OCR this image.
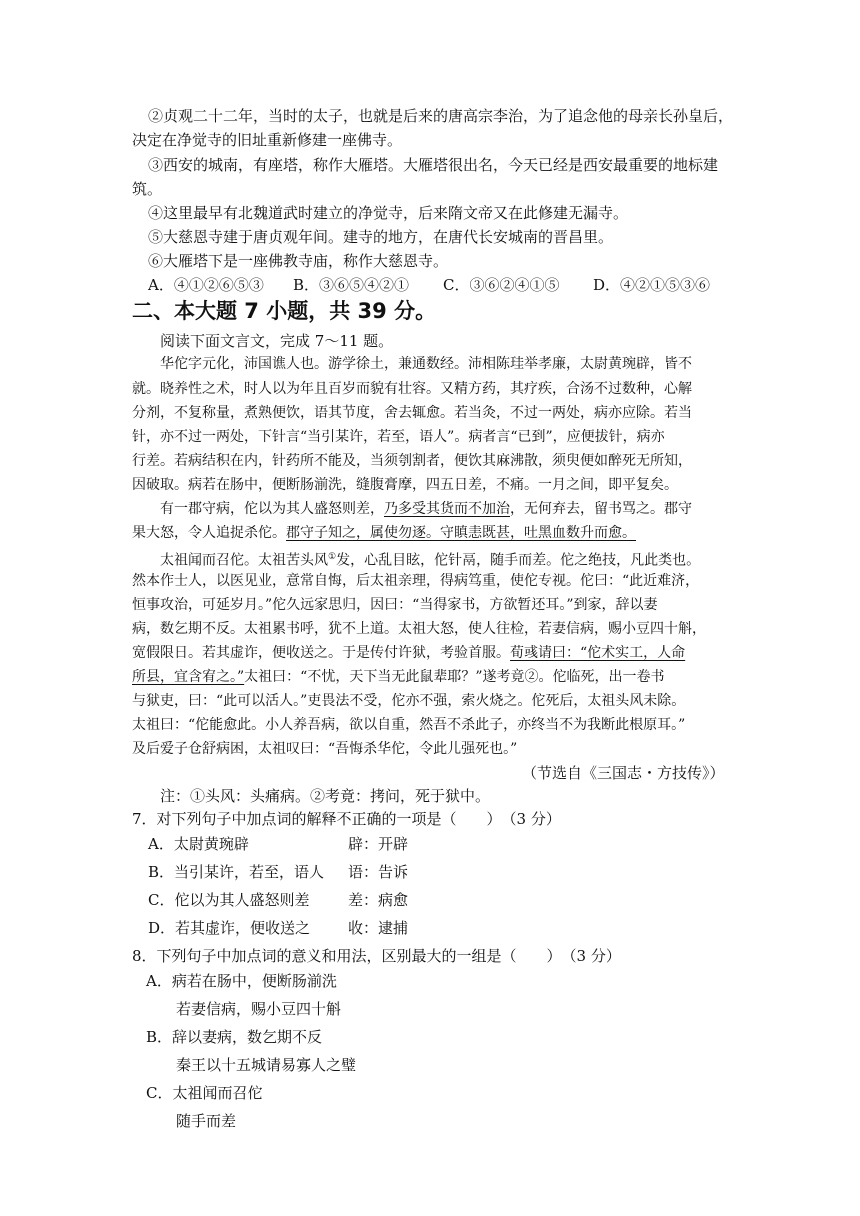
②贞观二十二年，当时的太子，也就是后来的唐高宗李治，为了追念他的母亲长孙皇后，
决定在净觉寺的旧址重新修建一座佛寺。
③西安的城南，有座塔，称作大雁塔。大雁塔很出名，今天已经是西安最重要的地标建
筑。
④这里最早有北魏道武时建立的净觉寺，后来隋文帝又在此修建无漏寺。
⑤大慈恩寺建于唐贞观年间。建寺的地方，在唐代长安城南的晋昌里。
⑥大雁塔下是一座佛教寺庙，称作大慈恩寺。
A．④①②⑥⑤③ B．③⑥⑤④②① C．③⑥②④①⑤ D．④②①⑤③⑥
二、本大题 7 小题，共 39 分。
阅读下面文言文，完成 7～11 题。
华佗字元化，沛国谯人也。游学徐土，兼通数经。沛相陈珪举孝廉，太尉黄琬辟，皆不
就。晓养性之术，时人以为年且百岁而貌有壮容。又精方药，其疗疾，合汤不过数种，心解
分剂，不复称量，煮熟便饮，语其节度，舍去辄愈。若当灸，不过一两处，病亦应除。若当
针，亦不过一两处，下针言“当引某许，若至，语人”。病者言“已到”，应便拔针，病亦
行差。若病结积在内，针药所不能及，当须刳割者，便饮其麻沸散，须臾便如醉死无所知，
因破取。病若在肠中，便断肠湔洗，缝腹膏摩，四五日差，不痛。一月之间，即平复矣。
有一郡守病，佗以为其人盛怒则差，乃多受其货而不加治，无何弃去，留书骂之。郡守
果大怒，令人追捉杀佗。郡守子知之，属使勿逐。守瞋恚既甚，吐黑血数升而愈。
太祖闻而召佗。太祖苦头风①发，心乱目眩，佗针鬲，随手而差。佗之绝技，凡此类也。
然本作士人，以医见业，意常自悔，后太祖亲理，得病笃重，使佗专视。佗曰：“此近难济，
恒事攻治，可延岁月。”佗久远家思归，因曰：“当得家书，方欲暂还耳。”到家，辞以妻
病，数乞期不反。太祖累书呼，犹不上道。太祖大怒，使人往检，若妻信病，赐小豆四十斛，
宽假限日。若其虚诈，便收送之。于是传付许狱，考验首服。荀彧请曰：“佗术实工，人命
所县，宜含宥之。”太祖曰：“不忧，天下当无此鼠辈耶？”遂考竟②。佗临死，出一卷书
与狱吏，曰：“此可以活人。”吏畏法不受，佗亦不强，索火烧之。佗死后，太祖头风未除。
太祖曰：“佗能愈此。小人养吾病，欲以自重，然吾不杀此子，亦终当不为我断此根原耳。”
及后爱子仓舒病困，太祖叹曰：“吾悔杀华佗，令此儿强死也。”
（节选自《三国志・方技传》）
注：①头风：头痛病。②考竟：拷问，死于狱中。
7．对下列句子中加点词的解释不正确的一项是（　　）　（3 分）
A．太尉黄琬辟	辟：开辟
B．当引某许，若至，语人 语：告诉
C．佗以为其人盛怒则差	差：病愈
D．若其虚诈，便收送之	收：逮捕
8．下列句子中加点词的意义和用法，区别最大的一组是（　　）　（3 分）
A．病若在肠中，便断肠湔洗
若妻信病，赐小豆四十斛
B．辞以妻病，数乞期不反
秦王以十五城请易寡人之璧
C．太祖闻而召佗
随手而差
